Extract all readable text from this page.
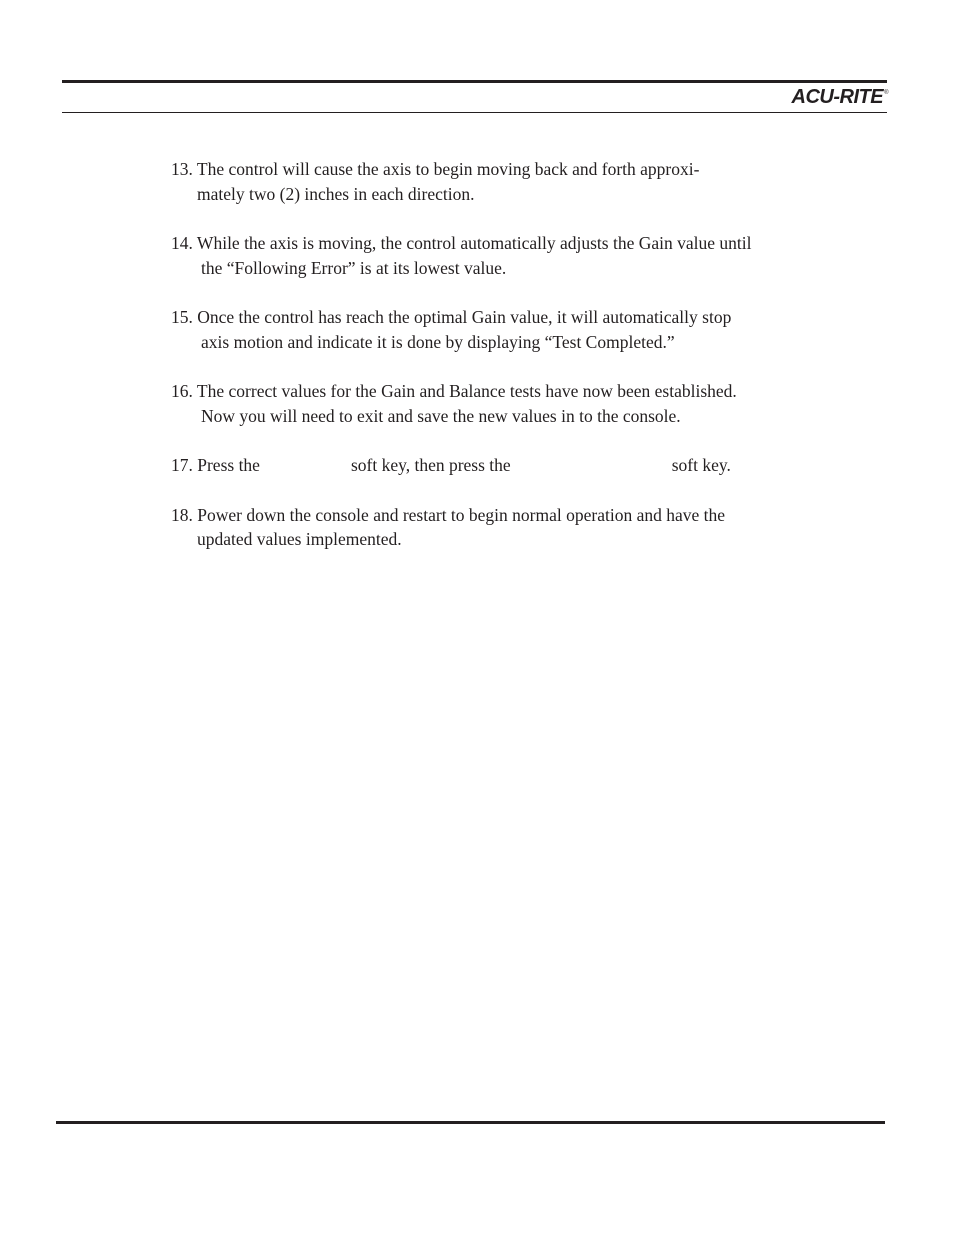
ACU-RITE ®
13. The control will cause the axis to begin moving back and forth approxi-
mately two (2) inches in each direction.
14. While the axis is moving, the control automatically adjusts the Gain value until
the “Following Error” is at its lowest value.
15. Once the control has reach the optimal Gain value, it will automatically stop
axis motion and indicate it is done by displaying “Test Completed.”
16. The correct values for the Gain and Balance tests have now been established.
Now you will need to exit and save the new values in to the console.
17. Press the	soft key, then press the	soft key.
18. Power down the console and restart to begin normal operation and have the
updated values implemented.
